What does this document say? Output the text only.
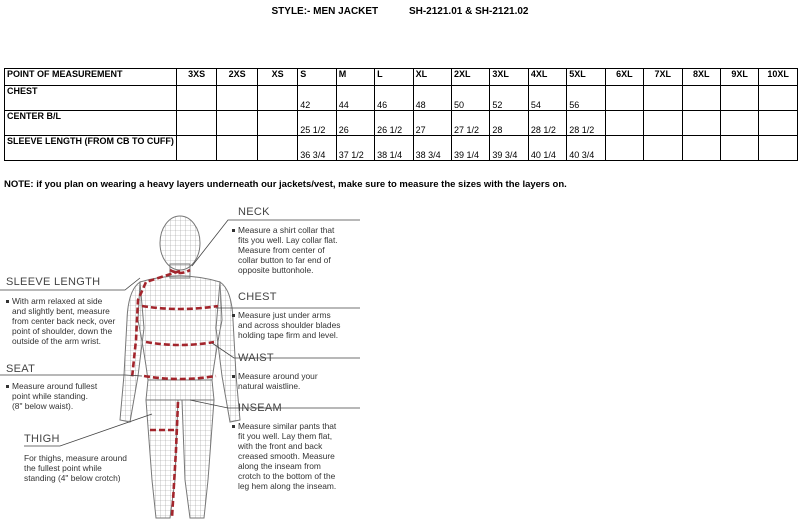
STYLE:- MEN JACKET	SH-2121.01 & SH-2121.02
POINT OF MEASUREMENT	3XS	2XS	XS	S	M	L	XL	2XL	3XL	4XL	5XL	6XL	7XL	8XL	9XL	10XL
CHEST				42	44	46	48	50	52	54	56					
CENTER B/L				25 1/2	26	26 1/2	27	27 1/2	28	28 1/2	28 1/2					
SLEEVE LENGTH (FROM CB TO CUFF)				36 3/4	37 1/2	38 1/4	38 3/4	39 1/4	39 3/4	40 1/4	40 3/4					
NOTE: if you plan on wearing a heavy layers underneath our jackets/vest, make sure to measure the sizes with the layers on.
NECK
Measure a shirt collar that
fits you well. Lay collar flat.
Measure from center of
collar button to far end of
opposite buttonhole.
CHEST
Measure just under arms
and across shoulder blades
holding tape firm and level.
WAIST
Measure around your
natural waistline.
INSEAM
Measure similar pants that
fit you well. Lay them flat,
with the front and back
creased smooth. Measure
along the inseam from
crotch to the bottom of the
leg hem along the inseam.
SLEEVE LENGTH
With arm relaxed at side
and slightly bent, measure
from center back neck, over
point of shoulder, down the
outside of the arm wrist.
SEAT
Measure around fullest
point while standing.
(8" below waist).
THIGH
For thighs, measure around
the fullest point while
standing (4" below crotch)
